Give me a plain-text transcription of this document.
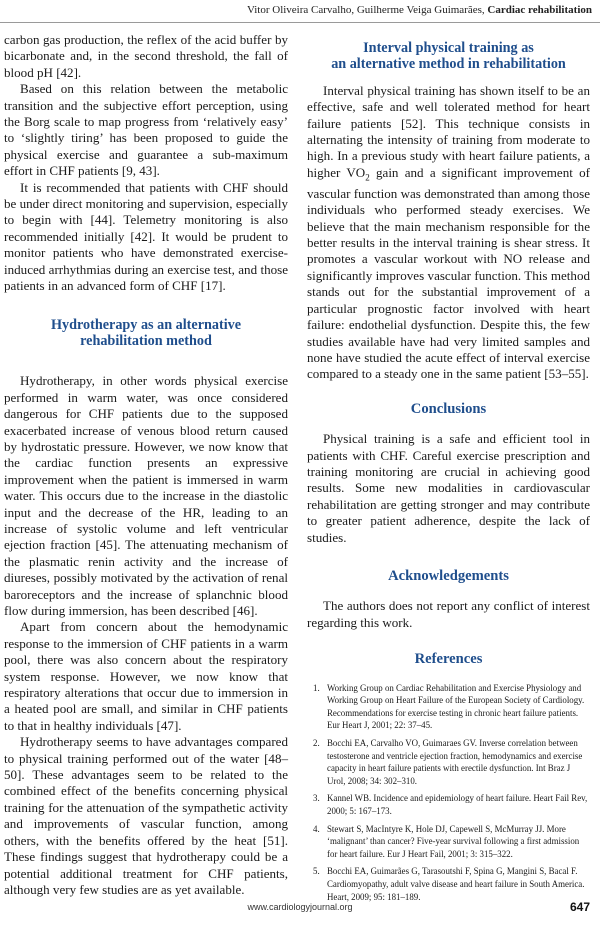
Vitor Oliveira Carvalho, Guilherme Veiga Guimarães, Cardiac rehabilitation

carbon gas production, the reflex of the acid buffer by bicarbonate and, in the second threshold, the fall of blood pH [42].

Based on this relation between the metabolic transition and the subjective effort perception, using the Borg scale to map progress from ‘relatively easy’ to ‘slightly tiring’ has been proposed to guide the physical exercise and guarantee a sub-maximum effort in CHF patients [9, 43].

It is recommended that patients with CHF should be under direct monitoring and supervision, especially to begin with [44]. Telemetry monitoring is also recommended initially [42]. It would be prudent to monitor patients who have demonstrated exercise-induced arrhythmias during an exercise test, and those patients in an advanced form of CHF [17].

Hydrotherapy as an alternative
rehabilitation method

Hydrotherapy, in other words physical exercise performed in warm water, was once considered dangerous for CHF patients due to the supposed exacerbated increase of venous blood return caused by hydrostatic pressure. However, we now know that the cardiac function presents an expressive improvement when the patient is immersed in warm water. This occurs due to the increase in the diastolic input and the decrease of the HR, leading to an increase of systolic volume and left ventricular ejection fraction [45]. The attenuating mechanism of the plasmatic renin activity and the increase of diureses, possibly motivated by the activation of renal baroreceptors and the increase of splanchnic blood flow during immersion, has been described [46].

Apart from concern about the hemodynamic response to the immersion of CHF patients in a warm pool, there was also concern about the respiratory system response. However, we now know that respiratory alterations that occur due to immersion in a heated pool are small, and similar in CHF patients to that in healthy individuals [47].

Hydrotherapy seems to have advantages compared to physical training performed out of the water [48–50]. These advantages seem to be related to the combined effect of the benefits concerning physical training for the attenuation of the sympathetic activity and improvements of vascular function, among others, with the benefits offered by the heat [51]. These findings suggest that hydrotherapy could be a potential additional treatment for CHF patients, although very few studies are as yet available.

Interval physical training as
an alternative method in rehabilitation

Interval physical training has shown itself to be an effective, safe and well tolerated method for heart failure patients [52]. This technique consists in alternating the intensity of training from moderate to high. In a previous study with heart failure patients, a higher $VO_2$ gain and a significant improvement of vascular function was demonstrated than among those individuals who performed steady exercises. We believe that the main mechanism responsible for the better results in the interval training is shear stress. It promotes a vascular workout with NO release and significantly improves vascular function. This method stands out for the substantial improvement of a particular prognostic factor involved with heart failure: endothelial dysfunction. Despite this, the few studies available have had very limited samples and none have studied the acute effect of interval exercise compared to a steady one in the same patient [53–55].

Conclusions

Physical training is a safe and efficient tool in patients with CHF. Careful exercise prescription and training monitoring are crucial in achieving good results. Some new modalities in cardiovascular rehabilitation are getting stronger and may contribute to greater patient adherence, despite the lack of studies.

Acknowledgements

The authors does not report any conflict of interest regarding this work.

References
1. Working Group on Cardiac Rehabilitation and Exercise Physiology and Working Group on Heart Failure of the European Society of Cardiology. Recommendations for exercise testing in chronic heart failure patients. Eur Heart J, 2001; 22: 37–45.
2. Bocchi EA, Carvalho VO, Guimaraes GV. Inverse correlation between testosterone and ventricle ejection fraction, hemodynamics and exercise capacity in heart failure patients with erectile dysfunction. Int Braz J Urol, 2008; 34: 302–310.
3. Kannel WB. Incidence and epidemiology of heart failure. Heart Fail Rev, 2000; 5: 167–173.
4. Stewart S, MacIntyre K, Hole DJ, Capewell S, McMurray JJ. More ‘malignant’ than cancer? Five-year survival following a first admission for heart failure. Eur J Heart Fail, 2001; 3: 315–322.
5. Bocchi EA, Guimarães G, Tarasoutshi F, Spina G, Mangini S, Bacal F. Cardiomyopathy, adult valve disease and heart failure in South America. Heart, 2009; 95: 181–189.
www.cardiologyjournal.org	647
